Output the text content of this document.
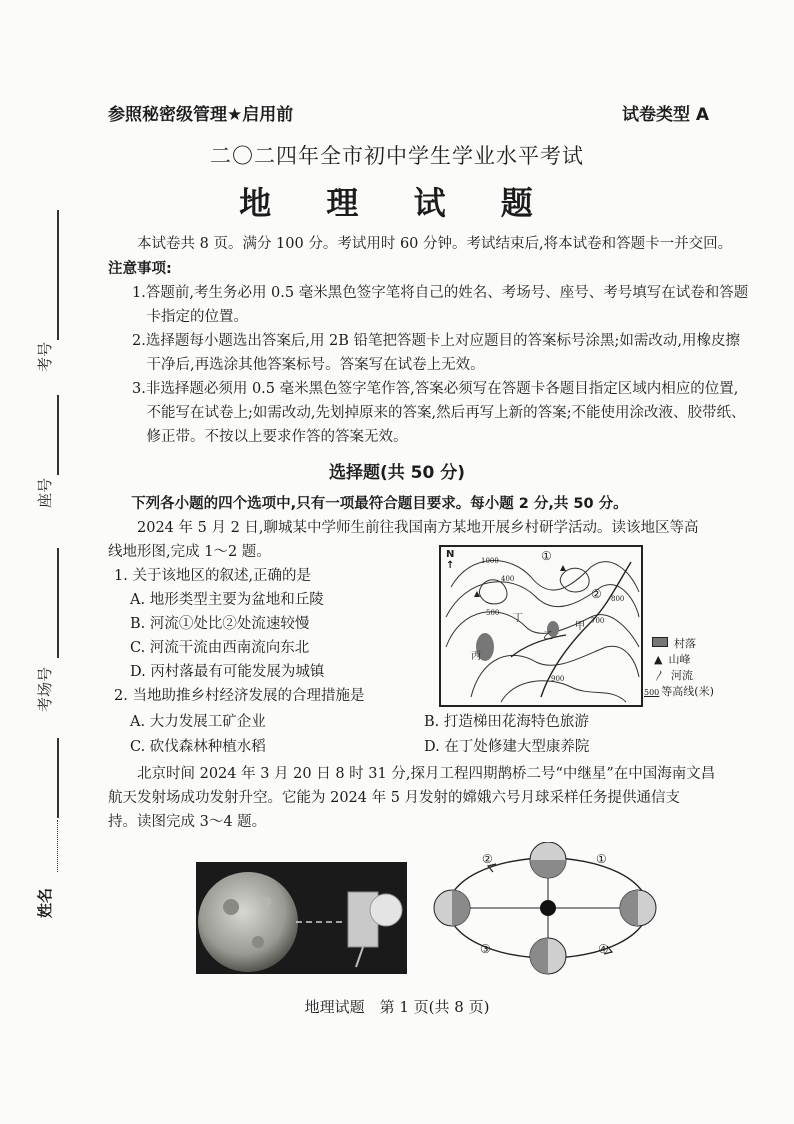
考号
座号
考场号
姓名
参照秘密级管理★启用前	试卷类型 A
二〇二四年全市初中学生学业水平考试
地 理 试 题
本试卷共 8 页。满分 100 分。考试用时 60 分钟。考试结束后,将本试卷和答题卡一并交回。
注意事项:
1.答题前,考生务必用 0.5 毫米黑色签字笔将自己的姓名、考场号、座号、考号填写在试卷和答题卡指定的位置。
2.选择题每小题选出答案后,用 2B 铅笔把答题卡上对应题目的答案标号涂黑;如需改动,用橡皮擦干净后,再选涂其他答案标号。答案写在试卷上无效。
3.非选择题必须用 0.5 毫米黑色签字笔作答,答案必须写在答题卡各题目指定区域内相应的位置,不能写在试卷上;如需改动,先划掉原来的答案,然后再写上新的答案;不能使用涂改液、胶带纸、修正带。不按以上要求作答的答案无效。
选择题(共 50 分)
下列各小题的四个选项中,只有一项最符合题目要求。每小题 2 分,共 50 分。
2024 年 5 月 2 日,聊城某中学师生前往我国南方某地开展乡村研学活动。读该地区等高
线地形图,完成 1～2 题。
1. 关于该地区的叙述,正确的是
A. 地形类型主要为盆地和丘陵
B. 河流①处比②处流速较慢
C. 河流干流由西南流向东北
D. 丙村落最有可能发展为城镇
2. 当地助推乡村经济发展的合理措施是
A. 大力发展工矿企业	B. 打造梯田花海特色旅游
C. 砍伐森林种植水稻	D. 在丁处修建大型康养院
北京时间 2024 年 3 月 20 日 8 时 31 分,探月工程四期鹊桥二号“中继星”在中国海南文昌
航天发射场成功发射升空。它能为 2024 年 5 月发射的嫦娥六号月球采样任务提供通信支
持。读图完成 3～4 题。
N
↑
①
②
甲
乙
丙
丁
500
400
700
800
1000
900
村落
▲ 山峰
〳 河流
500 等高线(米)
②	①
③	④
地理试题　第 1 页(共 8 页)
